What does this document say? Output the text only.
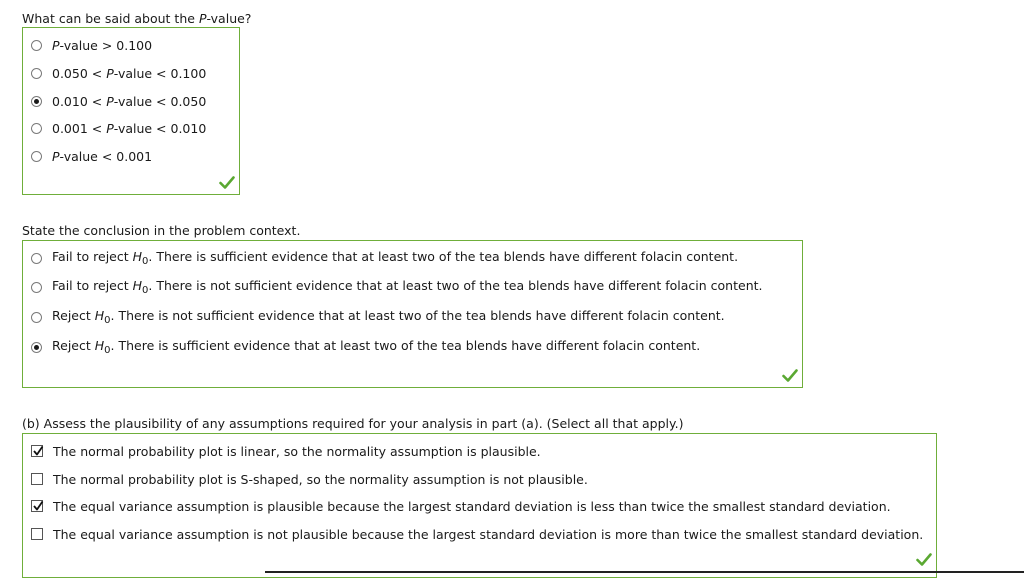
What can be said about the P-value?
P-value > 0.100
0.050 < P-value < 0.100
0.010 < P-value < 0.050
0.001 < P-value < 0.010
P-value < 0.001
State the conclusion in the problem context.
Fail to reject $H_0$. There is sufficient evidence that at least two of the tea blends have different folacin content.
Fail to reject $H_0$. There is not sufficient evidence that at least two of the tea blends have different folacin content.
Reject $H_0$. There is not sufficient evidence that at least two of the tea blends have different folacin content.
Reject $H_0$. There is sufficient evidence that at least two of the tea blends have different folacin content.
(b) Assess the plausibility of any assumptions required for your analysis in part (a). (Select all that apply.)
The normal probability plot is linear, so the normality assumption is plausible.
The normal probability plot is S-shaped, so the normality assumption is not plausible.
The equal variance assumption is plausible because the largest standard deviation is less than twice the smallest standard deviation.
The equal variance assumption is not plausible because the largest standard deviation is more than twice the smallest standard deviation.
